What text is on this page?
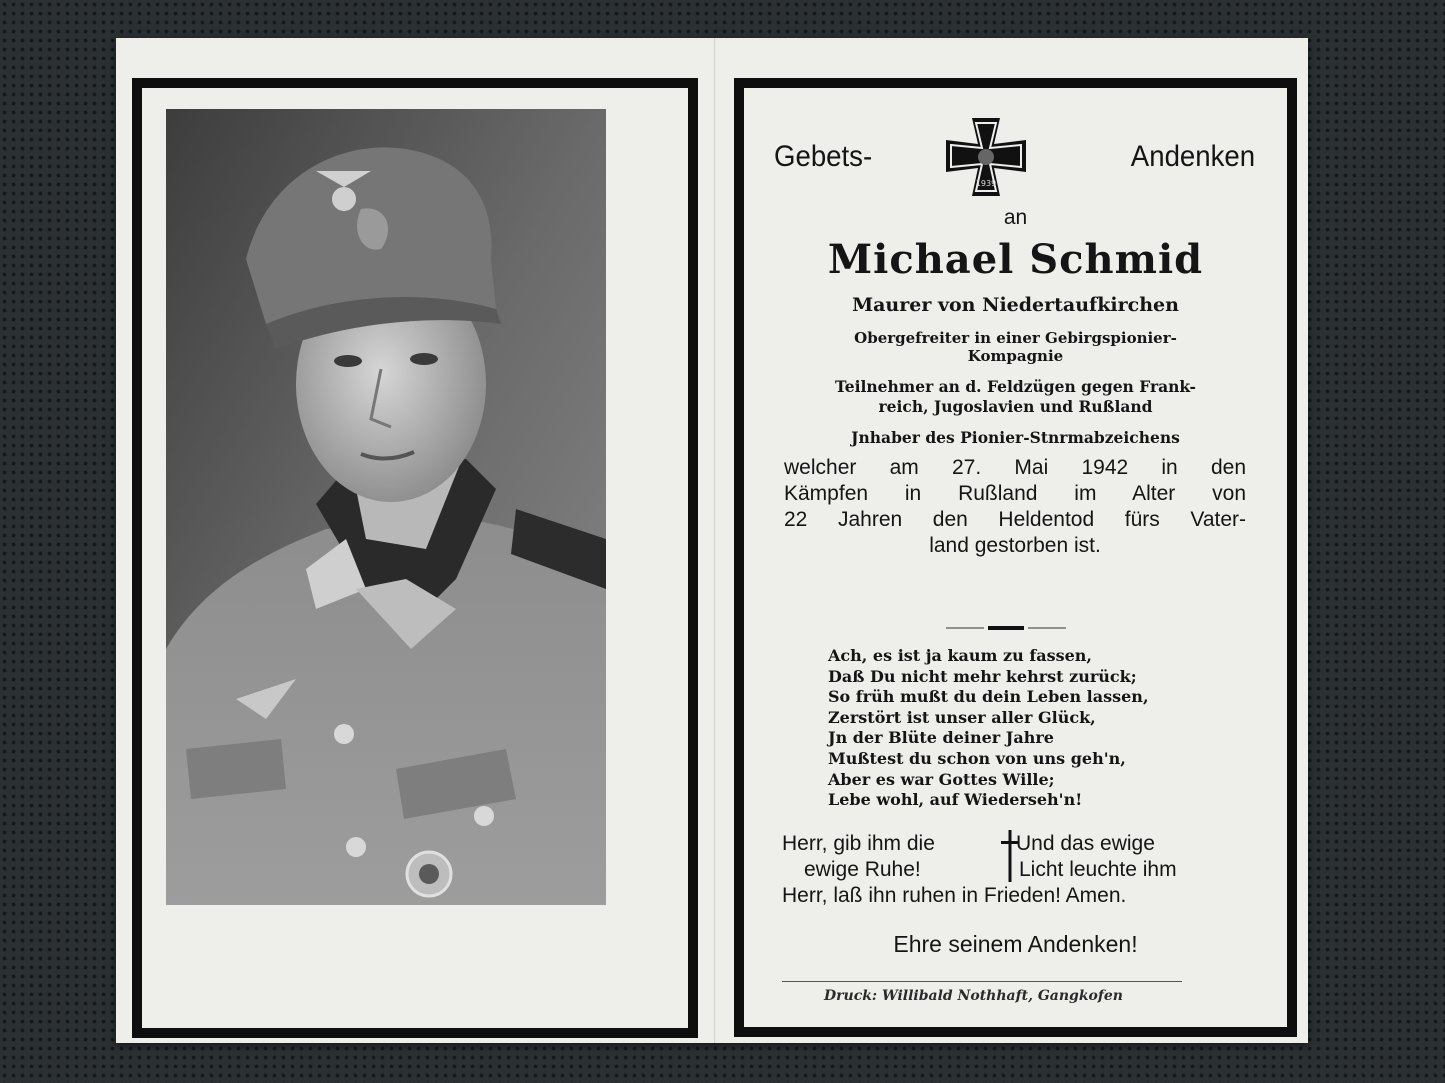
Gebets-
1939
Andenken
an
Michael Schmid
Maurer von Niedertaufkirchen
Obergefreiter in einer Gebirgspionier-
Kompagnie
Teilnehmer an d. Feldzügen gegen Frank-
reich, Jugoslavien und Rußland
Jnhaber des Pionier-Stnrmabzeichens
welcher am 27. Mai 1942 in den
Kämpfen in Rußland im Alter von
22 Jahren den Heldentod fürs Vater-
land gestorben ist.
Ach, es ist ja kaum zu fassen,
Daß Du nicht mehr kehrst zurück;
So früh mußt du dein Leben lassen,
Zerstört ist unser aller Glück,
Jn der Blüte deiner Jahre
Mußtest du schon von uns geh'n,
Aber es war Gottes Wille;
Lebe wohl, auf Wiederseh'n!
Herr, gib ihm die	Und das ewige
ewige Ruhe!	Licht leuchte ihm
Herr, laß ihn ruhen in Frieden! Amen.
Ehre seinem Andenken!
Druck: Willibald Nothhaft, Gangkofen
